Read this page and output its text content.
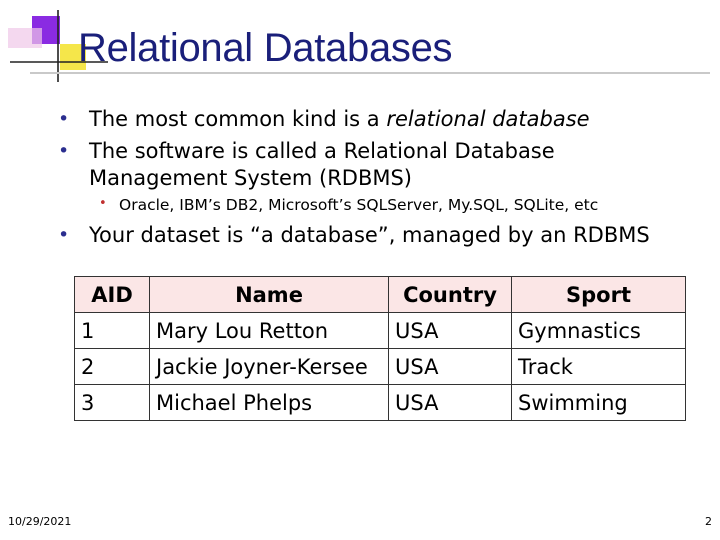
Relational Databases
• The most common kind is a relational database
• The software is called a Relational Database
Management System (RDBMS)
• Oracle, IBM’s DB2, Microsoft’s SQLServer, My.SQL, SQLite, etc
• Your dataset is “a database”, managed by an RDBMS
AID	Name	Country	Sport
1	Mary Lou Retton	USA	Gymnastics
2	Jackie Joyner-Kersee	USA	Track
3	Michael Phelps	USA	Swimming
10/29/2021	2
